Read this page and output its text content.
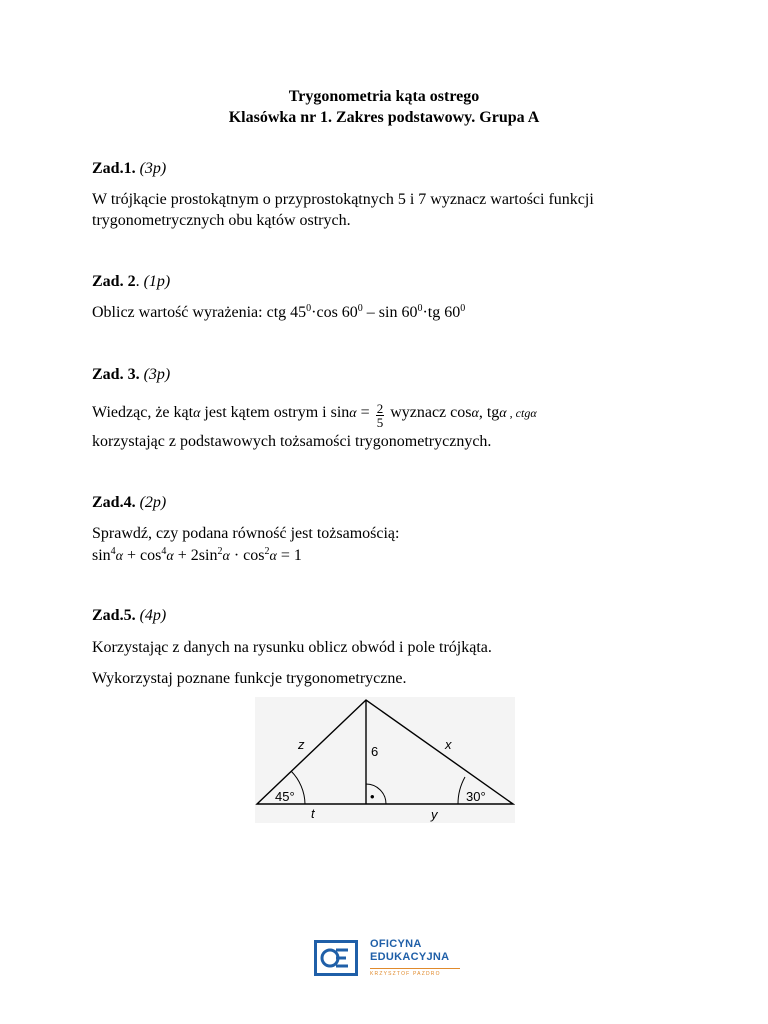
Trygonometria kąta ostrego
Klasówka nr 1. Zakres podstawowy. Grupa A
Zad.1. (3p)
W trójkącie prostokątnym o przyprostokątnych 5 i 7 wyznacz wartości funkcji
trygonometrycznych obu kątów ostrych.
Zad. 2. (1p)
Oblicz wartość wyrażenia: ctg $45^0\cdot\cos$ $60^0 - \sin 60^0\cdot tg$ $60^0$
Zad. 3. (3p)
Wiedząc, że kątα jest kątem ostrym i $\sin\alpha = \frac{2}{5}$ wyznacz cosα, tgα , ctgα
korzystając z podstawowych tożsamości trygonometrycznych.
Zad.4. (2p)
Sprawdź, czy podana równość jest tożsamością:
$\sin^4\alpha + \cos^4\alpha + 2\sin^2\alpha \cdot \cos^2\alpha = 1$
Zad.5. (4p)
Korzystając z danych na rysunku oblicz obwód i pole trójkąta.
Wykorzystaj poznane funkcje trygonometryczne.
z	x
6
45°	30°
•
t	y
OFICYNA
EDUKACYJNA
KRZYSZTOF PAZDRO
